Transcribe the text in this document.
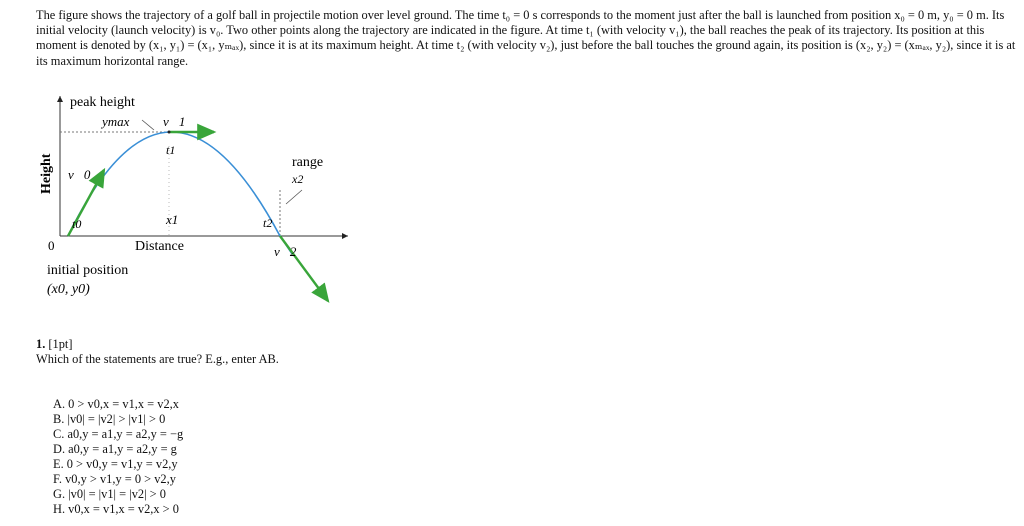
The figure shows the trajectory of a golf ball in projectile motion over level ground. The time t₀ = 0 s corresponds to the moment just after the ball is launched from position x₀ = 0 m, y₀ = 0 m. Its initial velocity (launch velocity) is v₀. Two other points along the trajectory are indicated in the figure. At time t₁ (with velocity v₁), the ball reaches the peak of its trajectory. Its position at this moment is denoted by (x₁, y₁) = (x₁, yₘₐₓ), since it is at its maximum height. At time t₂ (with velocity v₂), just before the ball touches the ground again, its position is (x₂, y₂) = (xₘₐₓ, y₂), since it is at its maximum horizontal range.

peak height
ymax	v⃗1
t1
range
x2
Height v⃗0
t0	x1	t2
0	Distance	v⃗2
initial position
(x0, y0)
1. [1pt]
Which of the statements are true? E.g., enter AB.
A. 0 > v0,x = v1,x = v2,x
B. |v0| = |v2| > |v1| > 0
C. a0,y = a1,y = a2,y = −g
D. a0,y = a1,y = a2,y = g
E. 0 > v0,y = v1,y = v2,y
F. v0,y > v1,y = 0 > v2,y
G. |v0| = |v1| = |v2| > 0
H. v0,x = v1,x = v2,x > 0
